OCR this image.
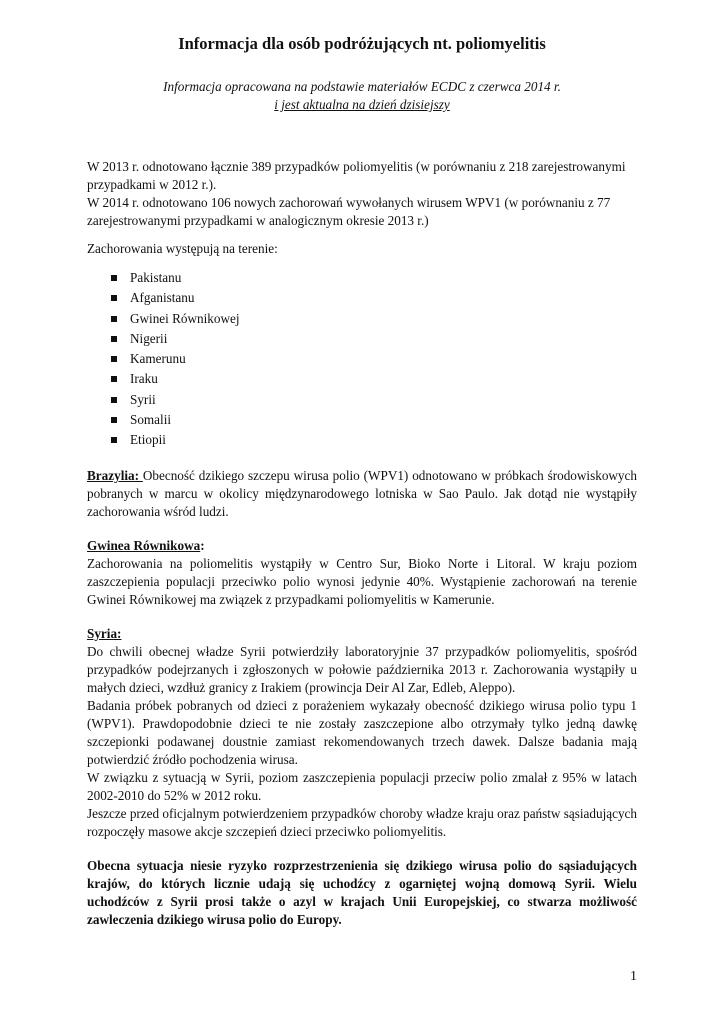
Informacja dla osób podróżujących nt. poliomyelitis
Informacja opracowana na podstawie materiałów ECDC z czerwca 2014 r.
i jest aktualna na dzień dzisiejszy

W 2013 r. odnotowano łącznie 389 przypadków poliomyelitis (w porównaniu z 218 zarejestrowanymi przypadkami w 2012 r.).

W 2014 r. odnotowano 106 nowych zachorowań wywołanych wirusem WPV1 (w porównaniu z 77 zarejestrowanymi przypadkami w analogicznym okresie 2013 r.)

Zachorowania występują na terenie:

Pakistanu
Afganistanu
Gwinei Równikowej
Nigerii
Kamerunu
Iraku
Syrii
Somalii
Etiopii

Brazylia: Obecność dzikiego szczepu wirusa polio (WPV1) odnotowano w próbkach środowiskowych pobranych w marcu w okolicy międzynarodowego lotniska w Sao Paulo. Jak dotąd nie wystąpiły zachorowania wśród ludzi.

Gwinea Równikowa:

Zachorowania na poliomelitis wystąpiły w Centro Sur, Bioko Norte i Litoral. W kraju poziom zaszczepienia populacji przeciwko polio wynosi jedynie 40%. Wystąpienie zachorowań na terenie Gwinei Równikowej ma związek z przypadkami poliomyelitis w Kamerunie.

Syria:

Do chwili obecnej władze Syrii potwierdziły laboratoryjnie 37 przypadków poliomyelitis, spośród przypadków podejrzanych i zgłoszonych w połowie października 2013 r. Zachorowania wystąpiły u małych dzieci, wzdłuż granicy z Irakiem (prowincja Deir Al Zar, Edleb, Aleppo).

Badania próbek pobranych od dzieci z porażeniem wykazały obecność dzikiego wirusa polio typu 1 (WPV1). Prawdopodobnie dzieci te nie zostały zaszczepione albo otrzymały tylko jedną dawkę szczepionki podawanej doustnie zamiast rekomendowanych trzech dawek. Dalsze badania mają potwierdzić źródło pochodzenia wirusa.

W związku z sytuacją w Syrii, poziom zaszczepienia populacji przeciw polio zmalał z 95% w latach 2002-2010 do 52% w 2012 roku.

Jeszcze przed oficjalnym potwierdzeniem przypadków choroby władze kraju oraz państw sąsiadujących rozpoczęły masowe akcje szczepień dzieci przeciwko poliomyelitis.

Obecna sytuacja niesie ryzyko rozprzestrzenienia się dzikiego wirusa polio do sąsiadujących krajów, do których licznie udają się uchodźcy z ogarniętej wojną domową Syrii. Wielu uchodźców z Syrii prosi także o azyl w krajach Unii Europejskiej, co stwarza możliwość zawleczenia dzikiego wirusa polio do Europy.

1
